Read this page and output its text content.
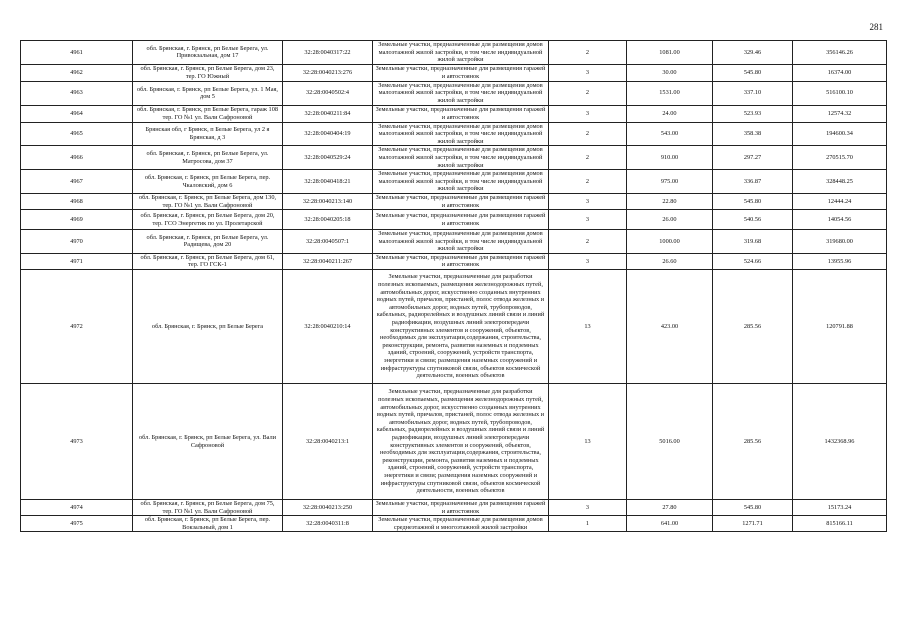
281
4961	обл. Брянская, г. Брянск, рп Белые Берега, ул. Привокзальная, дом 17	32:28:0040317:22	Земельные участки, предназначенные для размещения домов малоэтажной жилой застройки, в том числе индивидуальной жилой застройки	2	1081.00	329.46	356146.26
4962	обл. Брянская, г. Брянск, рп Белые Берега, дом 23, тер. ГО Южный	32:28:0040213:276	Земельные участки, предназначенные для размещения гаражей и автостоянок	3	30.00	545.80	16374.00
4963	обл. Брянская, г. Брянск, рп Белые Берега, ул. 1 Мая, дом 5	32:28:0040502:4	Земельные участки, предназначенные для размещения домов малоэтажной жилой застройки, в том числе индивидуальной жилой застройки	2	1531.00	337.10	516100.10
4964	обл. Брянская, г. Брянск, рп Белые Берега, гараж 108 тер. ГО №1 ул. Вали Сафроновой	32:28:0040211:84	Земельные участки, предназначенные для размещения гаражей и автостоянок	3	24.00	523.93	12574.32
4965	Брянская обл, г Брянск, п Белые Берега, ул 2 я Брянская, д 3	32:28:0040404:19	Земельные участки, предназначенные для размещения домов малоэтажной жилой застройки, в том числе индивидуальной жилой застройки	2	543.00	358.38	194600.34
4966	обл. Брянская, г. Брянск, рп Белые Берега, ул. Матросова, дом 37	32:28:0040529:24	Земельные участки, предназначенные для размещения домов малоэтажной жилой застройки, в том числе индивидуальной жилой застройки	2	910.00	297.27	270515.70
4967	обл. Брянская, г. Брянск, рп Белые Берега, пер. Чкаловский, дом 6	32:28:0040418:21	Земельные участки, предназначенные для размещения домов малоэтажной жилой застройки, в том числе индивидуальной жилой застройки	2	975.00	336.87	328448.25
4968	обл. Брянская, г. Брянск, рп Белые Берега, дом 130, тер. ГО №1 ул. Вали Сафроновой	32:28:0040213:140	Земельные участки, предназначенные для размещения гаражей и автостоянок	3	22.80	545.80	12444.24
4969	обл. Брянская, г. Брянск, рп Белые Берега, дом 20, тер. ГСО Энергетик по ул. Пролетарской	32:28:0040205:18	Земельные участки, предназначенные для размещения гаражей и автостоянок	3	26.00	540.56	14054.56
4970	обл. Брянская, г. Брянск, рп Белые Берега, ул. Радищева, дом 20	32:28:0040507:1	Земельные участки, предназначенные для размещения домов малоэтажной жилой застройки, в том числе индивидуальной жилой застройки	2	1000.00	319.68	319680.00
4971	обл. Брянская, г. Брянск, рп Белые Берега, дом 61, тер. ГО ГСК-1	32:28:0040211:267	Земельные участки, предназначенные для размещения гаражей и автостоянок	3	26.60	524.66	13955.96
4972	обл. Брянская, г. Брянск, рп Белые Берега	32:28:0040210:14	Земельные участки, предназначенные для разработки полезных ископаемых, размещения железнодорожных путей, автомобильных дорог, искусственно созданных внутренних водных путей, причалов, пристаней, полос отвода железных и автомобильных дорог, водных путей, трубопроводов, кабельных, радиорелейных и воздушных линий связи и линий радиофикации, воздушных линий электропередачи конструктивных элементов и сооружений, объектов, необходимых для эксплуатации,содержания, строительства, реконструкции, ремонта, развития наземных и подземных зданий, строений, сооружений, устройств транспорта, энергетики и связи; размещения наземных сооружений и инфраструктуры спутниковой связи, объектов космической деятельности, военных объектов	13	423.00	285.56	120791.88
4973	обл. Брянская, г. Брянск, рп Белые Берега, ул. Вали Сафроновой	32:28:0040213:1	Земельные участки, предназначенные для разработки полезных ископаемых, размещения железнодорожных путей, автомобильных дорог, искусственно созданных внутренних водных путей, причалов, пристаней, полос отвода железных и автомобильных дорог, водных путей, трубопроводов, кабельных, радиорелейных и воздушных линий связи и линий радиофикации, воздушных линий электропередачи конструктивных элементов и сооружений, объектов, необходимых для эксплуатации,содержания, строительства, реконструкции, ремонта, развития наземных и подземных зданий, строений, сооружений, устройств транспорта, энергетики и связи; размещения наземных сооружений и инфраструктуры спутниковой связи, объектов космической деятельности, военных объектов	13	5016.00	285.56	1432368.96
4974	обл. Брянская, г. Брянск, рп Белые Берега, дом 75, тер. ГО №1 ул. Вали Сафроновой	32:28:0040213:250	Земельные участки, предназначенные для размещения гаражей и автостоянок	3	27.80	545.80	15173.24
4975	обл. Брянская, г. Брянск, рп Белые Берега, пер. Вокзальный, дом 1	32:28:0040311:8	Земельные участки, предназначенные для размещения домов среднеэтажной и многоэтажной жилой застройки	1	641.00	1271.71	815166.11
